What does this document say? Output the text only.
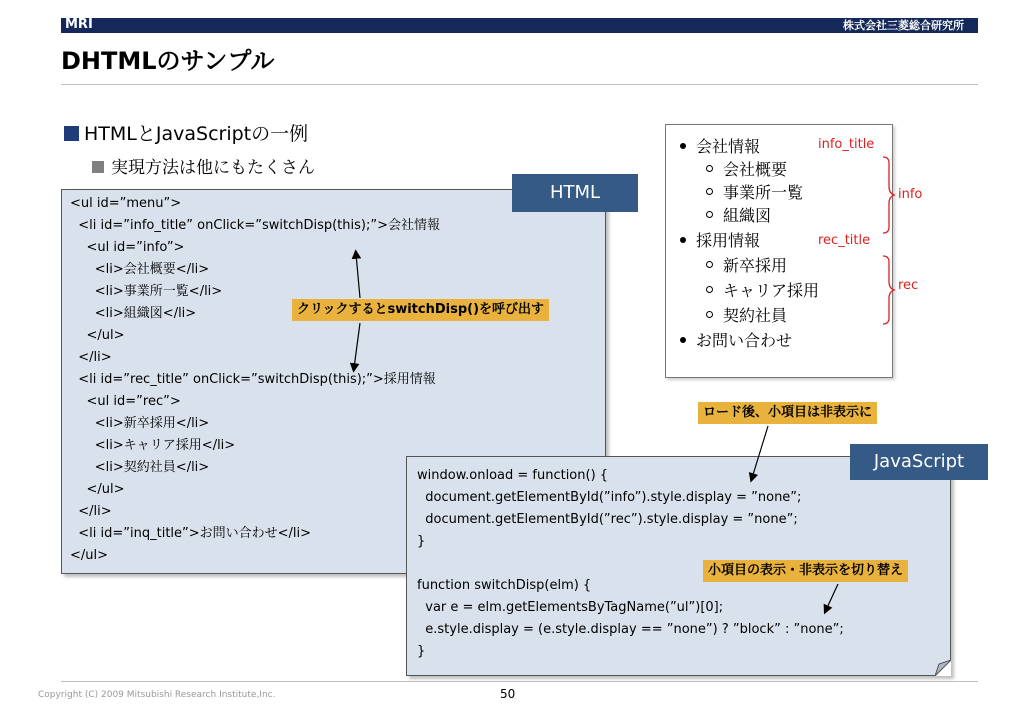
MRI	株式会社三菱総合研究所
DHTMLのサンプル
HTMLとJavaScriptの一例
実現方法は他にもたくさん
<ul id=”menu”>
<li id=”info_title” onClick=”switchDisp(this);”>会社情報
<ul id=”info”>
<li>会社概要</li>
<li>事業所一覧</li>
<li>組織図</li>
</ul>
</li>
<li id=”rec_title” onClick=”switchDisp(this);”>採用情報
<ul id=”rec”>
<li>新卒採用</li>
<li>キャリア採用</li>
<li>契約社員</li>
</ul>
</li>
<li id=”inq_title”>お問い合わせ</li>
</ul>
HTML
window.onload = function() {
document.getElementById(”info”).style.display = ”none”;
document.getElementById(”rec”).style.display = ”none”;
}
function switchDisp(elm) {
var e = elm.getElementsByTagName(”ul”)[0];
e.style.display = (e.style.display == ”none”) ? ”block” : ”none”;
}
JavaScript
クリックするとswitchDisp()を呼び出す
ロード後、小項目は非表示に
小項目の表示・非表示を切り替え
会社情報
会社概要
事業所一覧
組織図
採用情報
新卒採用
キャリア採用
契約社員
お問い合わせ
info_title
info
rec_title
rec
Copyright (C) 2009 Mitsubishi Research Institute,Inc.	50
